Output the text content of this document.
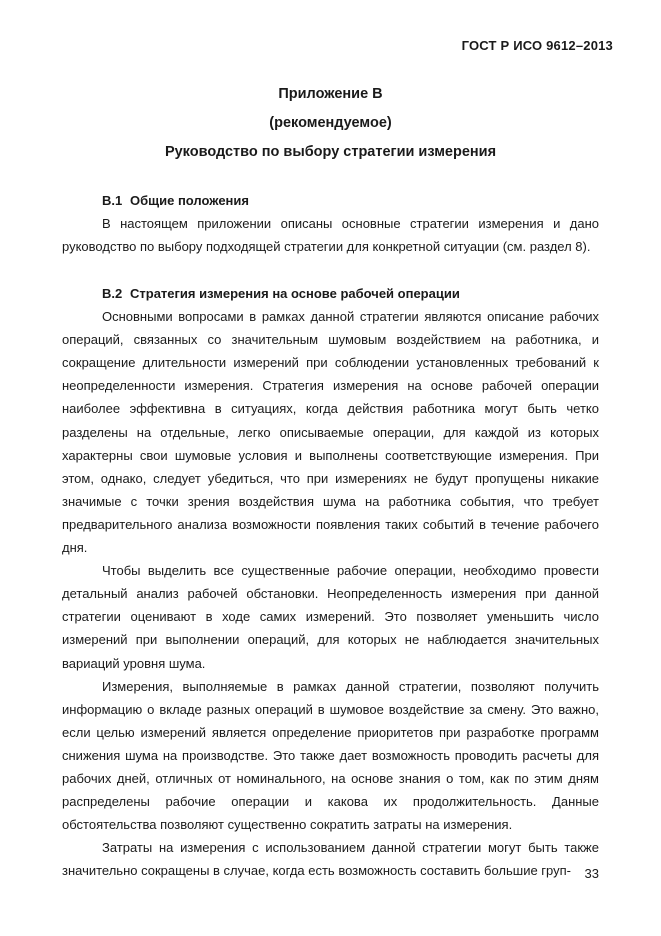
ГОСТ Р ИСО 9612–2013
Приложение В
(рекомендуемое)
Руководство по выбору стратегии измерения
В.1 Общие положения

В настоящем приложении описаны основные стратегии измерения и дано руководство по выбору подходящей стратегии для конкретной ситуации (см. раздел 8).

В.2 Стратегия измерения на основе рабочей операции

Основными вопросами в рамках данной стратегии являются описание рабочих операций, связанных со значительным шумовым воздействием на работника, и сокращение длительности измерений при соблюдении установленных требований к неопределенности измерения. Стратегия измерения на основе рабочей операции наиболее эффективна в ситуациях, когда действия работника могут быть четко разделены на отдельные, легко описываемые операции, для каждой из которых характерны свои шумовые условия и выполнены соответствующие измерения. При этом, однако, следует убедиться, что при измерениях не будут пропущены никакие значимые с точки зрения воздействия шума на работника события, что требует предварительного анализа возможности появления таких событий в течение рабочего дня.

Чтобы выделить все существенные рабочие операции, необходимо провести детальный анализ рабочей обстановки. Неопределенность измерения при данной стратегии оценивают в ходе самих измерений. Это позволяет уменьшить число измерений при выполнении операций, для которых не наблюдается значительных вариаций уровня шума.

Измерения, выполняемые в рамках данной стратегии, позволяют получить информацию о вкладе разных операций в шумовое воздействие за смену. Это важно, если целью измерений является определение приоритетов при разработке программ снижения шума на производстве. Это также дает возможность проводить расчеты для рабочих дней, отличных от номинального, на основе знания о том, как по этим дням распределены рабочие операции и какова их продолжительность. Данные обстоятельства позволяют существенно сократить затраты на измерения.

Затраты на измерения с использованием данной стратегии могут быть также значительно сокращены в случае, когда есть возможность составить большие груп-	33
